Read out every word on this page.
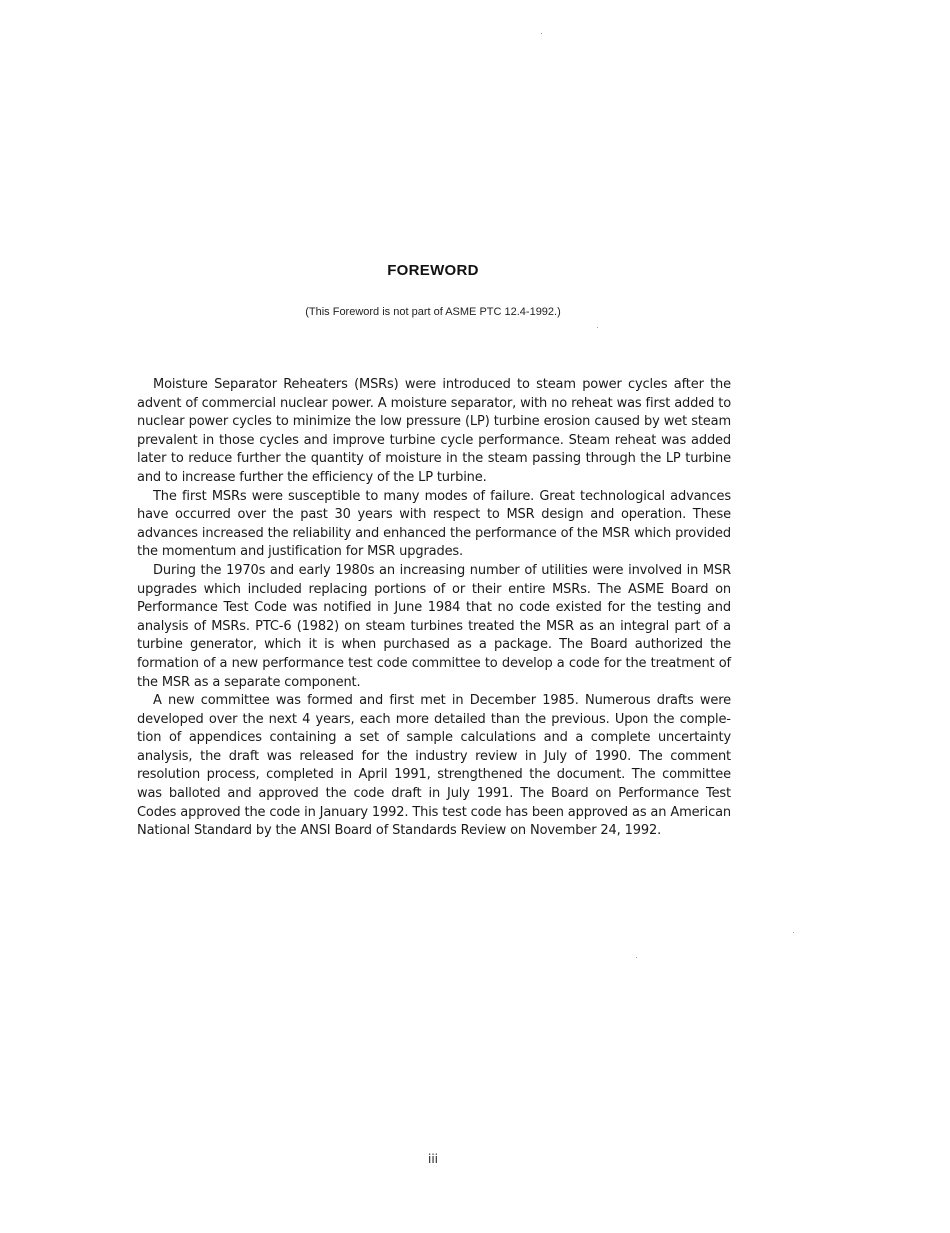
FOREWORD
(This Foreword is not part of ASME PTC 12.4-1992.)

Moisture Separator Reheaters (MSRs) were introduced to steam power cycles after the advent of commercial nuclear power. A moisture separator, with no reheat was first added to nuclear power cycles to minimize the low pressure (LP) turbine erosion caused by wet steam prevalent in those cycles and improve turbine cycle performance. Steam reheat was added later to reduce further the quantity of moisture in the steam passing through the LP turbine and to increase further the efficiency of the LP turbine.

The first MSRs were susceptible to many modes of failure. Great technological advances have occurred over the past 30 years with respect to MSR design and operation. These advances increased the reliability and enhanced the performance of the MSR which provided the momentum and justification for MSR upgrades.

During the 1970s and early 1980s an increasing number of utilities were involved in MSR upgrades which included replacing portions of or their entire MSRs. The ASME Board on Performance Test Code was notified in June 1984 that no code existed for the testing and analysis of MSRs. PTC-6 (1982) on steam turbines treated the MSR as an integral part of a turbine generator, which it is when purchased as a package. The Board authorized the formation of a new performance test code committee to develop a code for the treatment of the MSR as a separate component.

A new committee was formed and first met in December 1985. Numerous drafts were developed over the next 4 years, each more detailed than the previous. Upon the completion of appendices containing a set of sample calculations and a complete uncertainty analysis, the draft was released for the industry review in July of 1990. The comment resolution process, completed in April 1991, strengthened the document. The committee was balloted and approved the code draft in July 1991. The Board on Performance Test Codes approved the code in January 1992. This test code has been approved as an American National Standard by the ANSI Board of Standards Review on November 24, 1992.

iii
